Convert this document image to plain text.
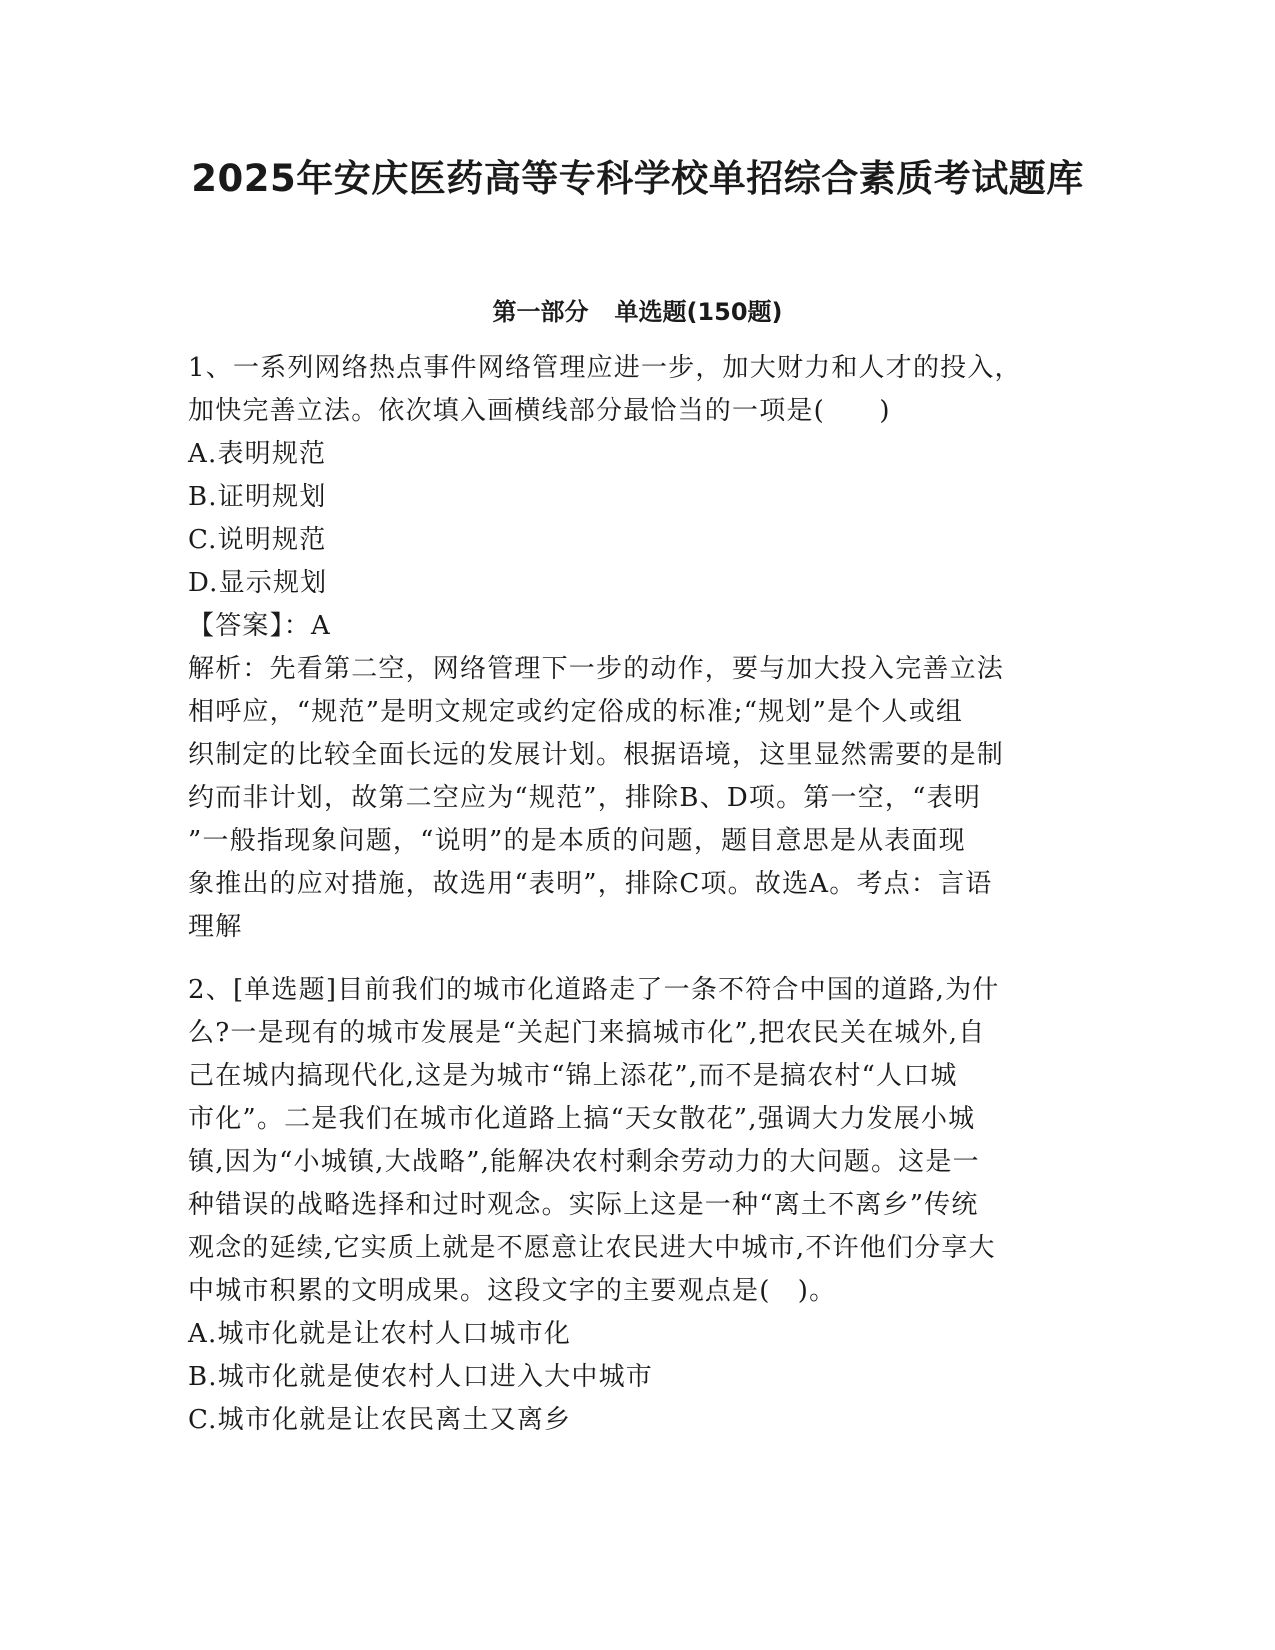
2025年安庆医药高等专科学校单招综合素质考试题库
第一部分 单选题(150题)

1、一系列网络热点事件网络管理应进一步，加大财力和人才的投入，
加快完善立法。依次填入画横线部分最恰当的一项是(　　)

A.表明规范

B.证明规划

C.说明规范

D.显示规划

【答案】：A

解析：先看第二空，网络管理下一步的动作，要与加大投入完善立法
相呼应，“规范”是明文规定或约定俗成的标准;“规划”是个人或组
织制定的比较全面长远的发展计划。根据语境，这里显然需要的是制
约而非计划，故第二空应为“规范”，排除B、D项。第一空，“表明
”一般指现象问题，“说明”的是本质的问题，题目意思是从表面现
象推出的应对措施，故选用“表明”，排除C项。故选A。考点：言语
理解

2、[单选题]目前我们的城市化道路走了一条不符合中国的道路,为什
么?一是现有的城市发展是“关起门来搞城市化”,把农民关在城外,自
己在城内搞现代化,这是为城市“锦上添花”,而不是搞农村“人口城
市化”。二是我们在城市化道路上搞“天女散花”,强调大力发展小城
镇,因为“小城镇,大战略”,能解决农村剩余劳动力的大问题。这是一
种错误的战略选择和过时观念。实际上这是一种“离土不离乡”传统
观念的延续,它实质上就是不愿意让农民进大中城市,不许他们分享大
中城市积累的文明成果。这段文字的主要观点是(　)。

A.城市化就是让农村人口城市化

B.城市化就是使农村人口进入大中城市

C.城市化就是让农民离土又离乡
